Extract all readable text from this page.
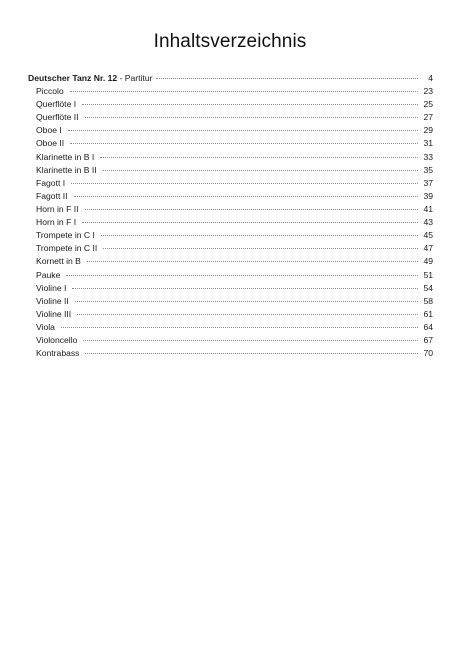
Inhaltsverzeichnis
Deutscher Tanz Nr. 12 - Partitur	4
Piccolo	23
Querflöte I	25
Querflöte II	27
Oboe I	29
Oboe II	31
Klarinette in B I	33
Klarinette in B II	35
Fagott I	37
Fagott II	39
Horn in F II	41
Horn in F I	43
Trompete in C I	45
Trompete in C II	47
Kornett in B	49
Pauke	51
Violine I	54
Violine II	58
Violine III	61
Viola	64
Violoncello	67
Kontrabass	70
